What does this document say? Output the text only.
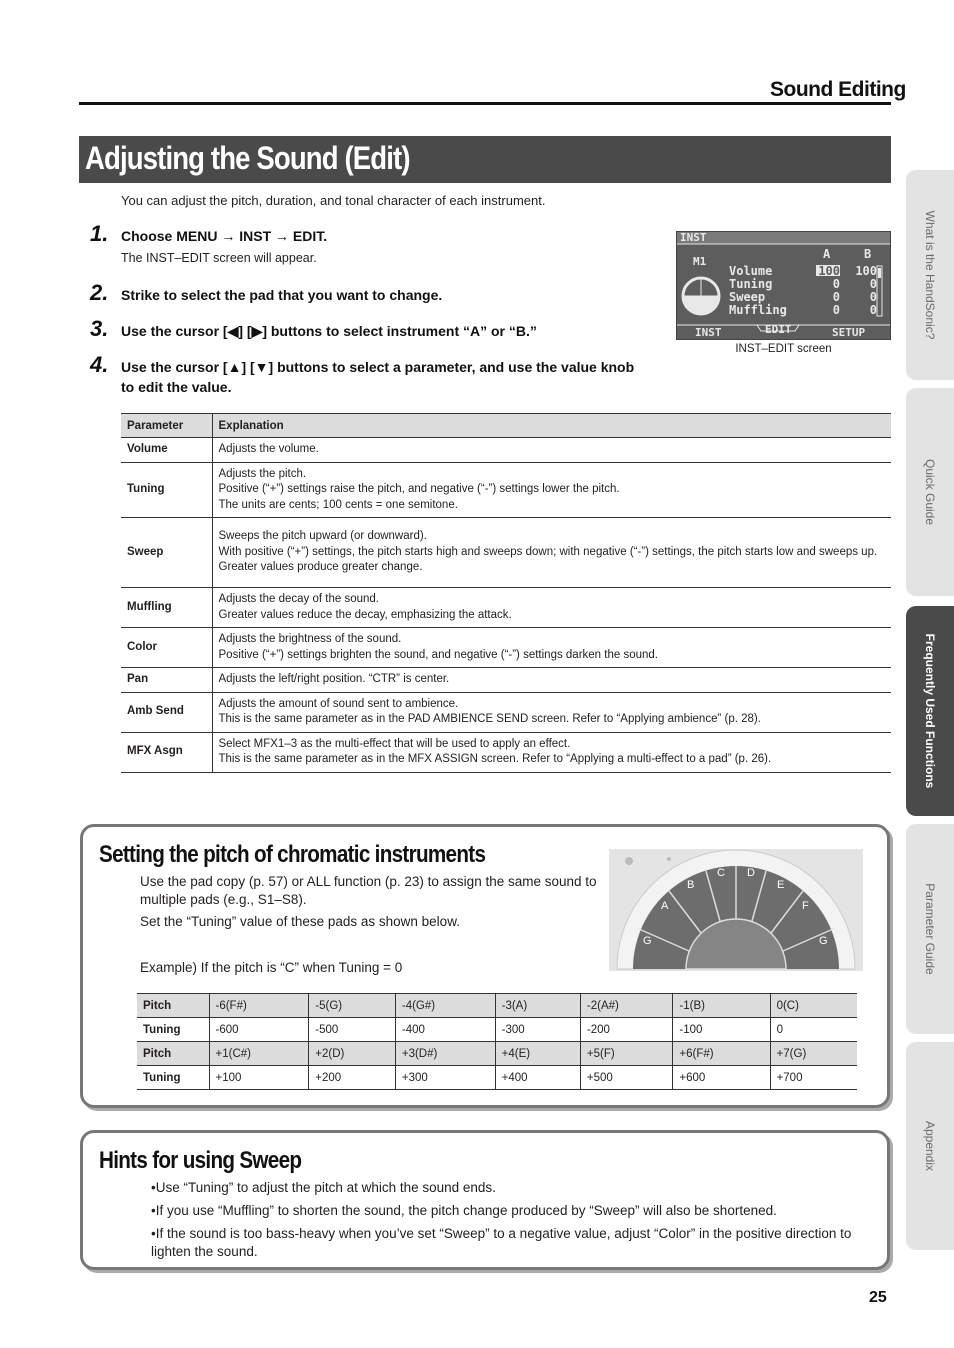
Sound Editing
Adjusting the Sound (Edit)
You can adjust the pitch, duration, and tonal character of each instrument.
1. Choose MENU → INST → EDIT.
The INST–EDIT screen will appear.
2. Strike to select the pad that you want to change.
3. Use the cursor [◀] [▶] buttons to select instrument “A” or “B.”
4. Use the cursor [▲] [▼] buttons to select a parameter, and use the value knob to edit the value.
INST
M1
A	B
Volume	100	100
Tuning	0	0
Sweep	0	0
Muffling	0	0
INST	EDIT	SETUP
INST–EDIT screen
Parameter	Explanation
Volume	Adjusts the volume.

Tuning	Adjusts the pitch.
Positive (“+”) settings raise the pitch, and negative (“-”) settings lower the pitch.
The units are cents; 100 cents = one semitone.

Sweep	Sweeps the pitch upward (or downward).
With positive (“+”) settings, the pitch starts high and sweeps down; with negative (“-”) settings, the pitch starts low and sweeps up.
Greater values produce greater change.

Muffling	Adjusts the decay of the sound.
Greater values reduce the decay, emphasizing the attack.

Color	Adjusts the brightness of the sound.
Positive (“+”) settings brighten the sound, and negative (“-”) settings darken the sound.

Pan	Adjusts the left/right position. “CTR” is center.

Amb Send	Adjusts the amount of sound sent to ambience.
This is the same parameter as in the PAD AMBIENCE SEND screen. Refer to “Applying ambience” (p. 28).

MFX Asgn	Select MFX1–3 as the multi-effect that will be used to apply an effect.
This is the same parameter as in the MFX ASSIGN screen. Refer to “Applying a multi-effect to a pad” (p. 26).
Setting the pitch of chromatic instruments

Use the pad copy (p. 57) or ALL function (p. 23) to assign the same sound to multiple pads (e.g., S1–S8).

Set the “Tuning” value of these pads as shown below.

Example) If the pitch is “C” when Tuning = 0

B
C D
E
A	F
G	G
Pitch	-6(F#)	-5(G)	-4(G#)	-3(A)	-2(A#)	-1(B)	0(C)
Tuning	-600	-500	-400	-300	-200	-100	0
Pitch	+1(C#)	+2(D)	+3(D#)	+4(E)	+5(F)	+6(F#)	+7(G)
Tuning	+100	+200	+300	+400	+500	+600	+700
Hints for using Sweep
•Use “Tuning” to adjust the pitch at which the sound ends.
•If you use “Muffling” to shorten the sound, the pitch change produced by “Sweep” will also be shortened.
•If the sound is too bass-heavy when you’ve set “Sweep” to a negative value, adjust “Color” in the positive direction to lighten the sound.
What is the HandSonic?
Quick Guide
Frequently Used Functions
Parameter Guide
Appendix
25
